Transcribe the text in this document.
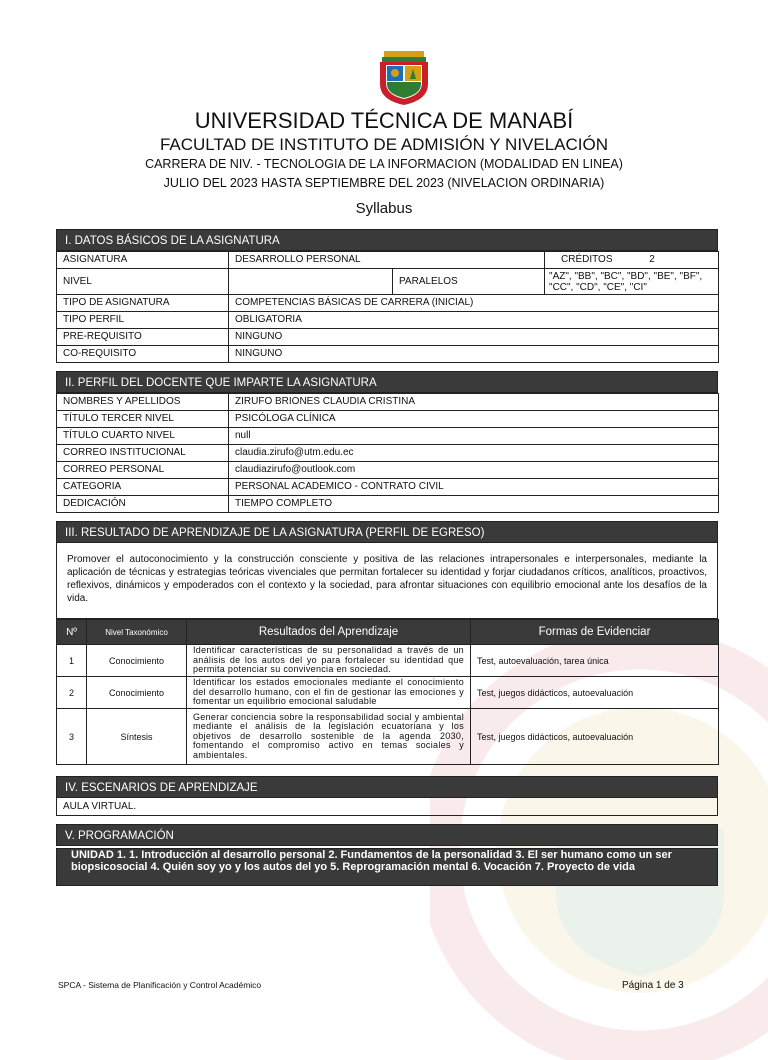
UNIVERSIDAD TÉCNICA DE MANABÍ
FACULTAD DE INSTITUTO DE ADMISIÓN Y NIVELACIÓN
CARRERA DE NIV. - TECNOLOGIA DE LA INFORMACION (MODALIDAD EN LINEA)
JULIO DEL 2023 HASTA SEPTIEMBRE DEL 2023 (NIVELACION ORDINARIA)
Syllabus
I. DATOS BÁSICOS DE LA ASIGNATURA
ASIGNATURA	DESARROLLO PERSONAL		CRÉDITOS 2
NIVEL		PARALELOS	"AZ", "BB", "BC", "BD", "BE", "BF", "CC", "CD", "CE", "CI"
TIPO DE ASIGNATURA	COMPETENCIAS BÁSICAS DE CARRERA (INICIAL)		
TIPO PERFIL	OBLIGATORIA		
PRE-REQUISITO	NINGUNO		
CO-REQUISITO	NINGUNO		
II. PERFIL DEL DOCENTE QUE IMPARTE LA ASIGNATURA
NOMBRES Y APELLIDOS	ZIRUFO BRIONES CLAUDIA CRISTINA
TÍTULO TERCER NIVEL	PSICÓLOGA CLÍNICA
TÍTULO CUARTO NIVEL	null
CORREO INSTITUCIONAL	claudia.zirufo@utm.edu.ec
CORREO PERSONAL	claudiazirufo@outlook.com
CATEGORIA	PERSONAL ACADEMICO - CONTRATO CIVIL
DEDICACIÓN	TIEMPO COMPLETO
III. RESULTADO DE APRENDIZAJE DE LA ASIGNATURA (PERFIL DE EGRESO)
Promover el autoconocimiento y la construcción consciente y positiva de las relaciones intrapersonales e interpersonales, mediante la aplicación de técnicas y estrategias teóricas vivenciales que permitan fortalecer su identidad y forjar ciudadanos críticos, analíticos, proactivos, reflexivos, dinámicos y empoderados con el contexto y la sociedad, para afrontar situaciones con equilibrio emocional ante los desafíos de la vida.
Nº	Nivel Taxonómico	Resultados del Aprendizaje	Formas de Evidenciar
1	Conocimiento	Identificar características de su personalidad a través de un análisis de los autos del yo para fortalecer su identidad que permita potenciar su convivencia en sociedad.	Test, autoevaluación, tarea única
2	Conocimiento	Identificar los estados emocionales mediante el conocimiento del desarrollo humano, con el fin de gestionar las emociones y fomentar un equilibrio emocional saludable	Test, juegos didácticos, autoevaluación
3	Síntesis	Generar conciencia sobre la responsabilidad social y ambiental mediante el análisis de la legislación ecuatoriana y los objetivos de desarrollo sostenible de la agenda 2030, fomentando el compromiso activo en temas sociales y ambientales.	Test, juegos didácticos, autoevaluación
IV. ESCENARIOS DE APRENDIZAJE
AULA VIRTUAL.
V. PROGRAMACIÓN
UNIDAD 1. 1. Introducción al desarrollo personal 2. Fundamentos de la personalidad 3. El ser humano como un ser biopsicosocial 4. Quién soy yo y los autos del yo 5. Reprogramación mental 6. Vocación 7. Proyecto de vida
SPCA - Sistema de Planificación y Control Académico	Página 1 de 3
